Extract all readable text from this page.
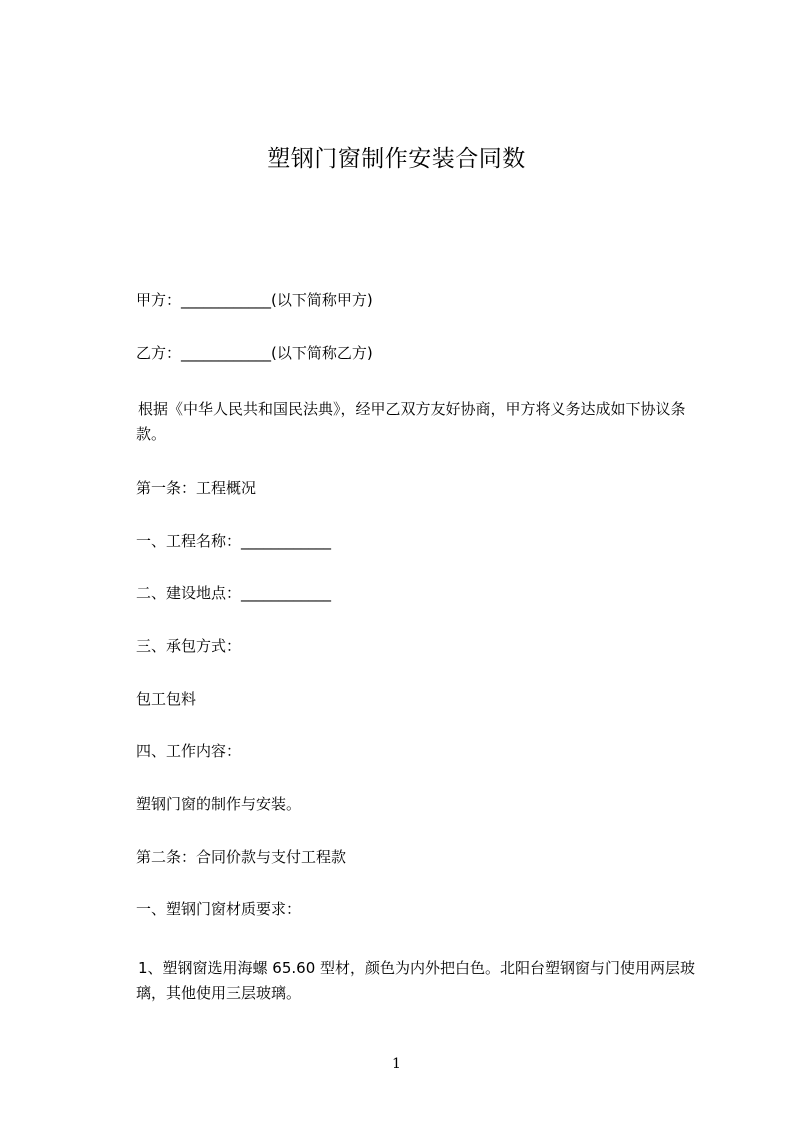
塑钢门窗制作安装合同数

甲方：____________(以下简称甲方)

乙方：____________(以下简称乙方)

根据《中华人民共和国民法典》，经甲乙双方友好协商，甲方将义务达成如下协议条款。

第一条：工程概况

一、工程名称：____________

二、建设地点：____________

三、承包方式：

包工包料

四、工作内容：

塑钢门窗的制作与安装。

第二条：合同价款与支付工程款

一、塑钢门窗材质要求：

1、塑钢窗选用海螺 65.60 型材，颜色为内外把白色。北阳台塑钢窗与门使用两层玻璃，其他使用三层玻璃。

1
